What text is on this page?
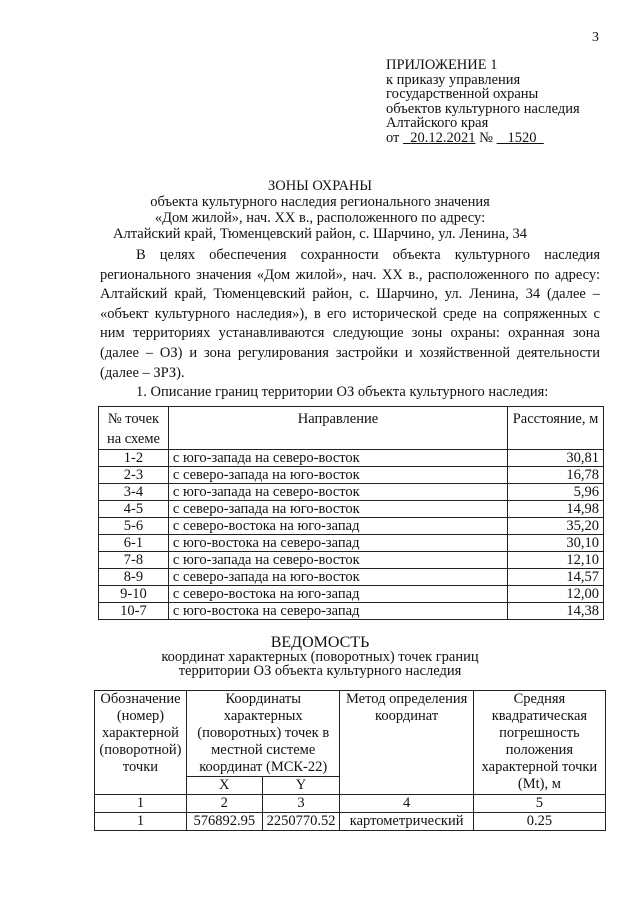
3
ПРИЛОЖЕНИЕ 1
к приказу управления
государственной охраны
объектов культурного наследия
Алтайского края
от 20.12.2021 № 1520
ЗОНЫ ОХРАНЫ
объекта культурного наследия регионального значения
«Дом жилой», нач. XX в., расположенного по адресу:
Алтайский край, Тюменцевский район, с. Шарчино, ул. Ленина, 34

В целях обеспечения сохранности объекта культурного наследия регионального значения «Дом жилой», нач. XX в., расположенного по адресу: Алтайский край, Тюменцевский район, с. Шарчино, ул. Ленина, 34 (далее – «объект культурного наследия»), в его исторической среде на сопряженных с ним территориях устанавливаются следующие зоны охраны: охранная зона (далее – ОЗ) и зона регулирования застройки и хозяйственной деятельности (далее – ЗРЗ).

1. Описание границ территории ОЗ объекта культурного наследия:

№ точек на схеме	Направление	Расстояние, м
1-2	с юго-запада на северо-восток	30,81
2-3	с северо-запада на юго-восток	16,78
3-4	с юго-запада на северо-восток	5,96
4-5	с северо-запада на юго-восток	14,98
5-6	с северо-востока на юго-запад	35,20
6-1	с юго-востока на северо-запад	30,10
7-8	с юго-запада на северо-восток	12,10
8-9	с северо-запада на юго-восток	14,57
9-10	с северо-востока на юго-запад	12,00
10-7	с юго-востока на северо-запад	14,38
ВЕДОМОСТЬ
координат характерных (поворотных) точек границ
территории ОЗ объекта культурного наследия
Обозначение (номер) характерной (поворотной) точки	Координаты характерных (поворотных) точек в местной системе координат (МСК-22)		Метод определения координат	Средняя квадратическая погрешность положения характерной точки (Mt), м
	X	Y		
1	2	3	4	5
1	576892.95	2250770.52	картометрический	0.25
